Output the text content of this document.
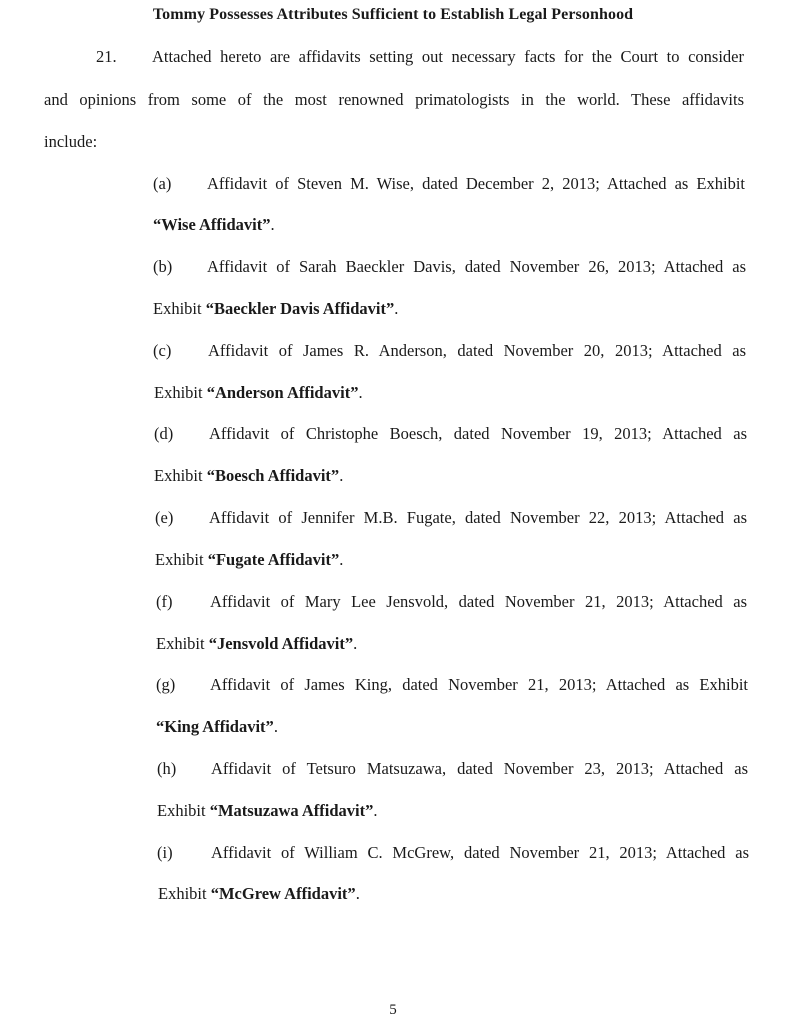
Tommy Possesses Attributes Sufficient to Establish Legal Personhood
21. Attached hereto are affidavits setting out necessary facts for the Court to consider
and opinions from some of the most renowned primatologists in the world. These affidavits
include:
(a) Affidavit of Steven M. Wise, dated December 2, 2013; Attached as Exhibit
“Wise Affidavit”.
(b) Affidavit of Sarah Baeckler Davis, dated November 26, 2013; Attached as
Exhibit “Baeckler Davis Affidavit”.
(c) Affidavit of James R. Anderson, dated November 20, 2013; Attached as
Exhibit “Anderson Affidavit”.
(d) Affidavit of Christophe Boesch, dated November 19, 2013; Attached as
Exhibit “Boesch Affidavit”.
(e) Affidavit of Jennifer M.B. Fugate, dated November 22, 2013; Attached as
Exhibit “Fugate Affidavit”.
(f) Affidavit of Mary Lee Jensvold, dated November 21, 2013; Attached as
Exhibit “Jensvold Affidavit”.
(g) Affidavit of James King, dated November 21, 2013; Attached as Exhibit
“King Affidavit”.
(h) Affidavit of Tetsuro Matsuzawa, dated November 23, 2013; Attached as
Exhibit “Matsuzawa Affidavit”.
(i) Affidavit of William C. McGrew, dated November 21, 2013; Attached as
Exhibit “McGrew Affidavit”.
5
